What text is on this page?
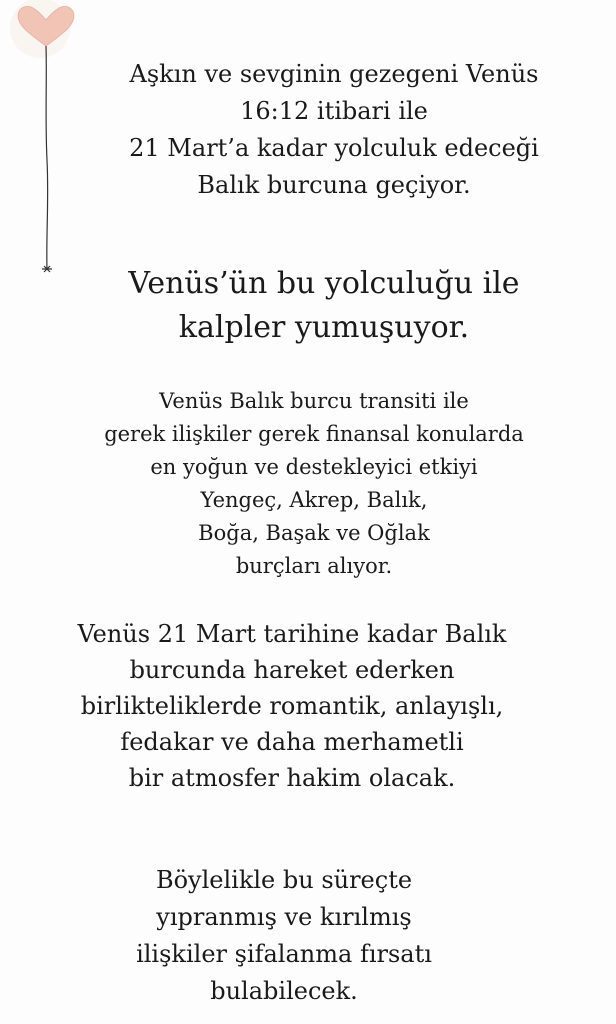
Aşkın ve sevginin gezegeni Venüs
16:12 itibari ile
21 Mart’a kadar yolculuk edeceği
Balık burcuna geçiyor.
Venüs’ün bu yolculuğu ile
kalpler yumuşuyor.
Venüs Balık burcu transiti ile
gerek ilişkiler gerek finansal konularda
en yoğun ve destekleyici etkiyi
Yengeç, Akrep, Balık,
Boğa, Başak ve Oğlak
burçları alıyor.
Venüs 21 Mart tarihine kadar Balık
burcunda hareket ederken
birlikteliklerde romantik, anlayışlı,
fedakar ve daha merhametli
bir atmosfer hakim olacak.
Böylelikle bu süreçte
yıpranmış ve kırılmış
ilişkiler şifalanma fırsatı
bulabilecek.
